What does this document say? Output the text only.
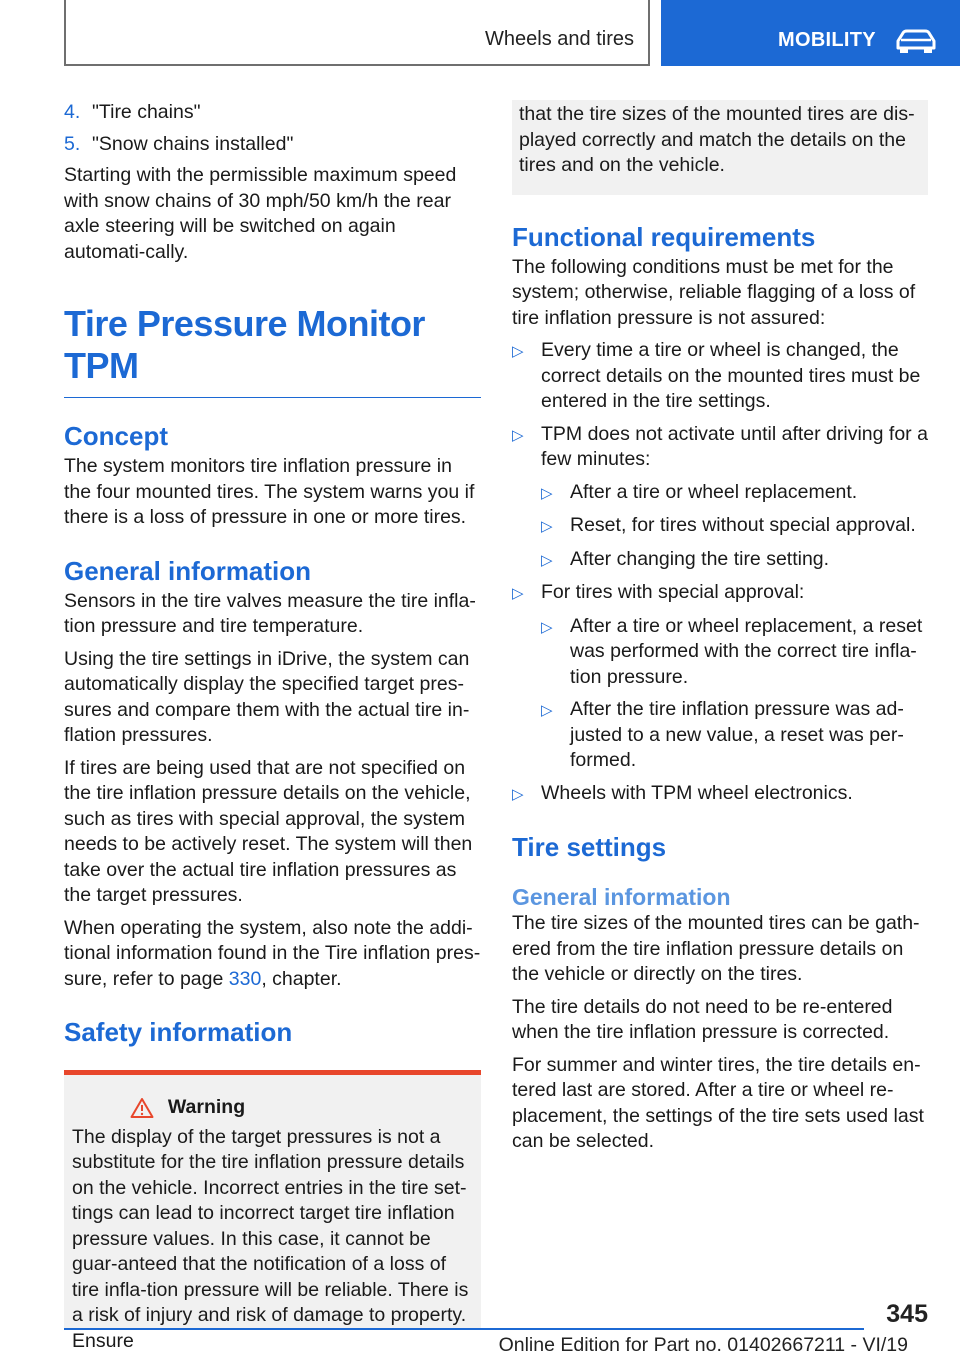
Wheels and tires	MOBILITY
4. "Tire chains"
5. "Snow chains installed"

Starting with the permissible maximum speed with snow chains of 30 mph/50 km/h the rear axle steering will be switched on again automati‐cally.

Tire Pressure Monitor TPM
Concept

The system monitors tire inflation pressure in the four mounted tires. The system warns you if there is a loss of pressure in one or more tires.

General information

Sensors in the tire valves measure the tire infla‐tion pressure and tire temperature.

Using the tire settings in iDrive, the system can automatically display the specified target pres‐sures and compare them with the actual tire in‐flation pressures.

If tires are being used that are not specified on the tire inflation pressure details on the vehicle, such as tires with special approval, the system needs to be actively reset. The system will then take over the actual tire inflation pressures as the target pressures.

When operating the system, also note the addi‐tional information found in the Tire inflation pres‐sure, refer to page 330, chapter.

Safety information
Warning
The display of the target pressures is not a substitute for the tire inflation pressure details on the vehicle. Incorrect entries in the tire set‐tings can lead to incorrect target tire inflation pressure values. In this case, it cannot be guar‐anteed that the notification of a loss of tire infla‐tion pressure will be reliable. There is a risk of injury and risk of damage to property. Ensure
that the tire sizes of the mounted tires are dis‐played correctly and match the details on the tires and on the vehicle.
Functional requirements

The following conditions must be met for the system; otherwise, reliable flagging of a loss of tire inflation pressure is not assured:

▷ Every time a tire or wheel is changed, the correct details on the mounted tires must be entered in the tire settings.
▷ TPM does not activate until after driving for a few minutes:
▷ After a tire or wheel replacement.
▷ Reset, for tires without special approval.
▷ After changing the tire setting.
▷ For tires with special approval:
▷ After a tire or wheel replacement, a reset was performed with the correct tire infla‐tion pressure.
▷ After the tire inflation pressure was ad‐justed to a new value, a reset was per‐formed.
▷ Wheels with TPM wheel electronics.
Tire settings
General information

The tire sizes of the mounted tires can be gath‐ered from the tire inflation pressure details on the vehicle or directly on the tires.

The tire details do not need to be re-entered when the tire inflation pressure is corrected.

For summer and winter tires, the tire details en‐tered last are stored. After a tire or wheel re‐placement, the settings of the tire sets used last can be selected.

345
Online Edition for Part no. 01402667211 - VI/19
